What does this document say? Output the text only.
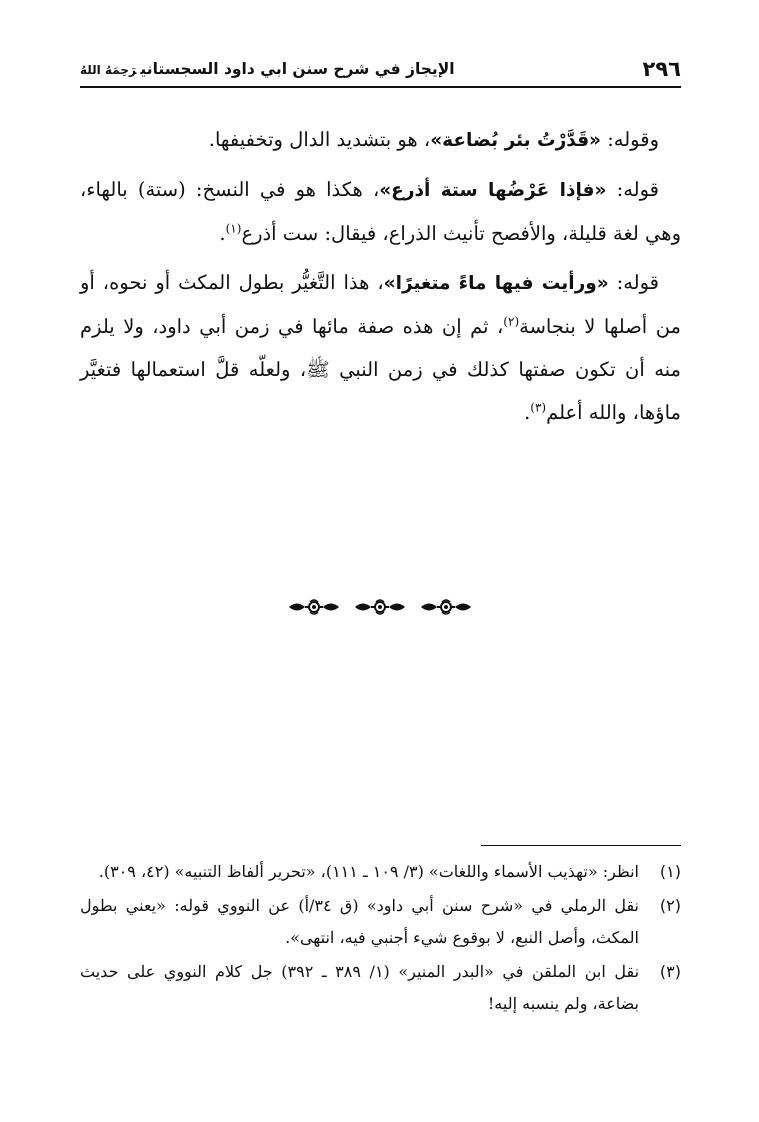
٢٩٦
الإيجاز في شرح سنن ابي داود السجستانيرَحِمَهُ اللهُ

وقوله: «قَدَّرْتُ بئر بُضاعة»، هو بتشديد الدال وتخفيفها.

قوله: «فإذا عَرْضُها ستة أذرع»، هكذا هو في النسخ: (ستة) بالهاء، وهي لغة قليلة، والأفصح تأنيث الذراع، فيقال: ست أذرع$^{(١)}$.

قوله: «ورأيت فيها ماءً متغيرًا»، هذا التَّغيُّر بطول المكث أو نحوه، أو من أصلها لا بنجاسة$^{(٢)}$، ثم إن هذه صفة مائها في زمن أبي داود، ولا يلزم منه أن تكون صفتها كذلك في زمن النبي ﷺ، ولعلّه قلَّ استعمالها فتغيَّر ماؤها، والله أعلم$^{(٣)}$.

(١)
انظر: «تهذيب الأسماء واللغات» (٣/ ١٠٩ ـ ١١١)، «تحرير ألفاظ التنبيه» (٤٢، ٣٠٩).
(٢)
نقل الرملي في «شرح سنن أبي داود» (ق ٣٤/أ) عن النووي قوله: «يعني بطول المكث، وأصل النبع، لا بوقوع شيء أجنبي فيه، انتهى».
(٣)
نقل ابن الملقن في «البدر المنير» (١/ ٣٨٩ ـ ٣٩٢) جل كلام النووي على حديث بضاعة، ولم ينسبه إليه!
